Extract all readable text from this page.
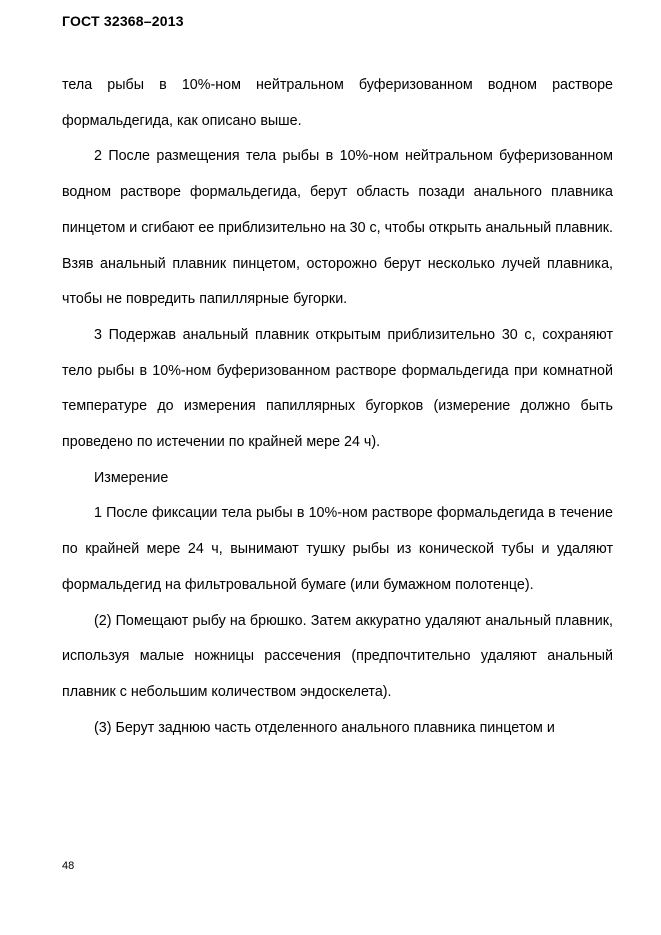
ГОСТ 32368–2013

тела рыбы в 10%-ном нейтральном буферизованном водном растворе формальдегида, как описано выше.

2 После размещения тела рыбы в 10%-ном нейтральном буферизованном водном растворе формальдегида, берут область позади анального плавника пинцетом и сгибают ее приблизительно на 30 с, чтобы открыть анальный плавник. Взяв анальный плавник пинцетом, осторожно берут несколько лучей плавника, чтобы не повредить папиллярные бугорки.

3 Подержав анальный плавник открытым приблизительно 30 с, сохраняют тело рыбы в 10%-ном буферизованном растворе формальдегида при комнатной температуре до измерения папиллярных бугорков (измерение должно быть проведено по истечении по крайней мере 24 ч).

Измерение

1 После фиксации тела рыбы в 10%-ном растворе формальдегида в течение по крайней мере 24 ч, вынимают тушку рыбы из конической тубы и удаляют формальдегид на фильтровальной бумаге (или бумажном полотенце).

(2) Помещают рыбу на брюшко. Затем аккуратно удаляют анальный плавник, используя малые ножницы рассечения (предпочтительно удаляют анальный плавник с небольшим количеством эндоскелета).

(3) Берут заднюю часть отделенного анального плавника пинцетом и

48
